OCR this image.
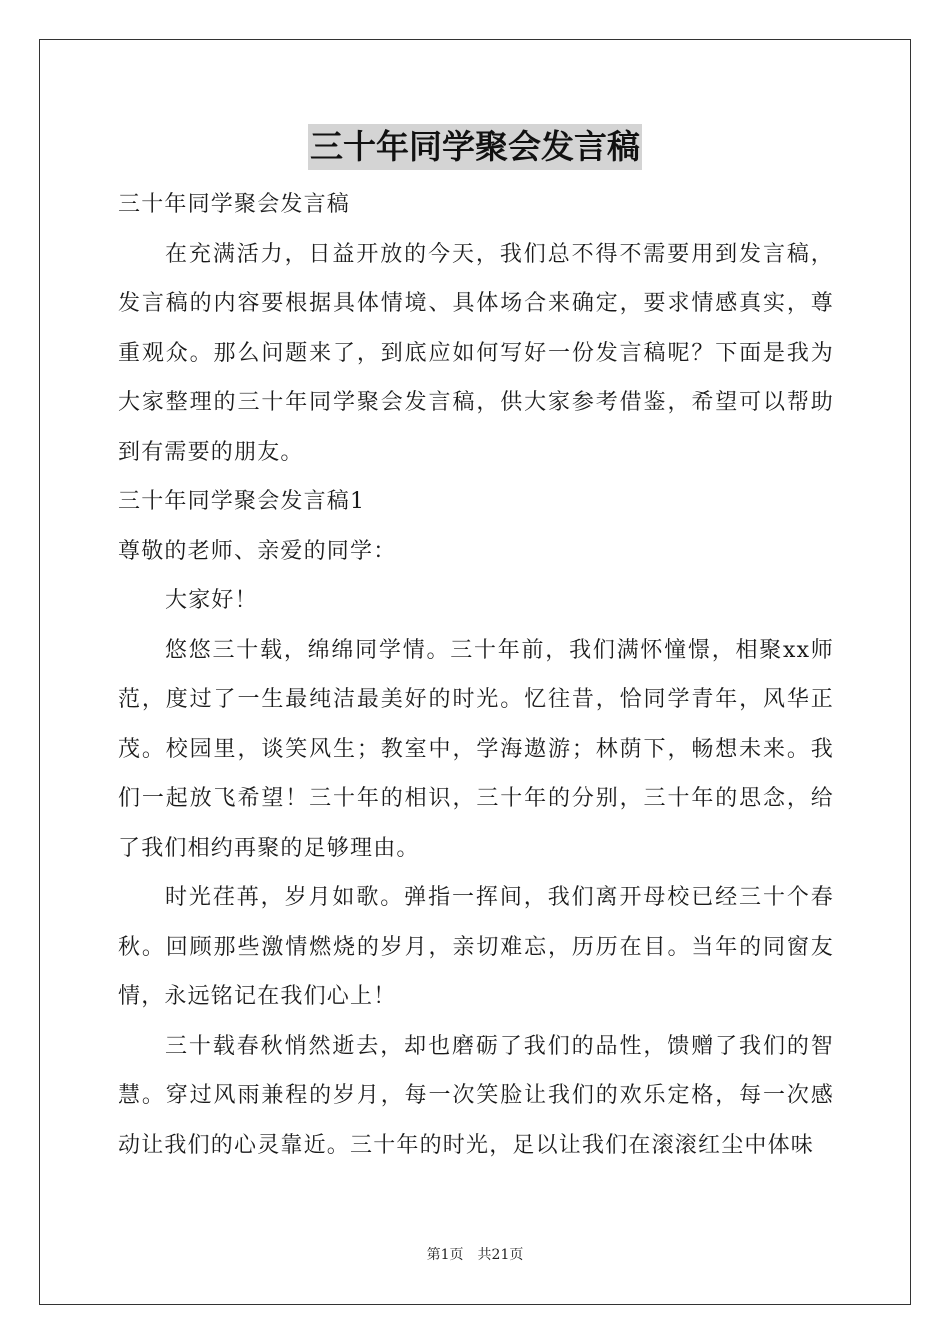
三十年同学聚会发言稿

三十年同学聚会发言稿

在充满活力，日益开放的今天，我们总不得不需要用到发言稿，发言稿的内容要根据具体情境、具体场合来确定，要求情感真实，尊重观众。那么问题来了，到底应如何写好一份发言稿呢？下面是我为大家整理的三十年同学聚会发言稿，供大家参考借鉴，希望可以帮助到有需要的朋友。

三十年同学聚会发言稿1

尊敬的老师、亲爱的同学：

大家好！

悠悠三十载，绵绵同学情。三十年前，我们满怀憧憬，相聚xx师范，度过了一生最纯洁最美好的时光。忆往昔，恰同学青年，风华正茂。校园里，谈笑风生；教室中，学海遨游；林荫下，畅想未来。我们一起放飞希望！三十年的相识，三十年的分别，三十年的思念，给了我们相约再聚的足够理由。

时光荏苒，岁月如歌。弹指一挥间，我们离开母校已经三十个春秋。回顾那些激情燃烧的岁月，亲切难忘，历历在目。当年的同窗友情，永远铭记在我们心上！

三十载春秋悄然逝去，却也磨砺了我们的品性，馈赠了我们的智慧。穿过风雨兼程的岁月，每一次笑脸让我们的欢乐定格，每一次感动让我们的心灵靠近。三十年的时光，足以让我们在滚滚红尘中体味

第1页　共21页
